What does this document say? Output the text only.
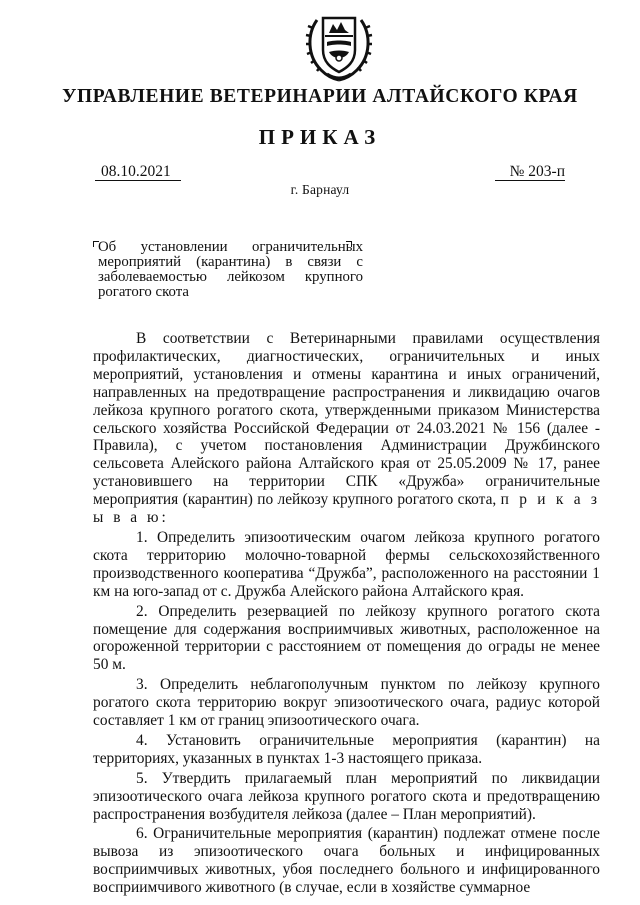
УПРАВЛЕНИЕ ВЕТЕРИНАРИИ АЛТАЙСКОГО КРАЯ
ПРИКАЗ
08.10.2021	№ 203-п
г. Барнаул
Об установлении ограничительных мероприятий (карантина) в связи с заболеваемостью лейкозом крупного рогатого скота

В соответствии с Ветеринарными правилами осуществления профилактических, диагностических, ограничительных и иных мероприятий, установления и отмены карантина и иных ограничений, направленных на предотвращение распространения и ликвидацию очагов лейкоза крупного рогатого скота, утвержденными приказом Министерства сельского хозяйства Российской Федерации от 24.03.2021 № 156 (далее - Правила), с учетом постановления Администрации Дружбинского сельсовета Алейского района Алтайского края от 25.05.2009 № 17, ранее установившего на территории СПК «Дружба» ограничительные мероприятия (карантин) по лейкозу крупного рогатого скота, п р и к а з ы в а ю:

1. Определить эпизоотическим очагом лейкоза крупного рогатого скота территорию молочно-товарной фермы сельскохозяйственного производственного кооператива “Дружба”, расположенного на расстоянии 1 км на юго-запад от с. Дружба Алейского района Алтайского края.

2. Определить резервацией по лейкозу крупного рогатого скота помещение для содержания восприимчивых животных, расположенное на огороженной территории с расстоянием от помещения до ограды не менее 50 м.

3. Определить неблагополучным пунктом по лейкозу крупного рогатого скота территорию вокруг эпизоотического очага, радиус которой составляет 1 км от границ эпизоотического очага.

4. Установить ограничительные мероприятия (карантин) на территориях, указанных в пунктах 1-3 настоящего приказа.

5. Утвердить прилагаемый план мероприятий по ликвидации эпизоотического очага лейкоза крупного рогатого скота и предотвращению распространения возбудителя лейкоза (далее – План мероприятий).

6. Ограничительные мероприятия (карантин) подлежат отмене после вывоза из эпизоотического очага больных и инфицированных восприимчивых животных, убоя последнего больного и инфицированного восприимчивого животного (в случае, если в хозяйстве суммарное
